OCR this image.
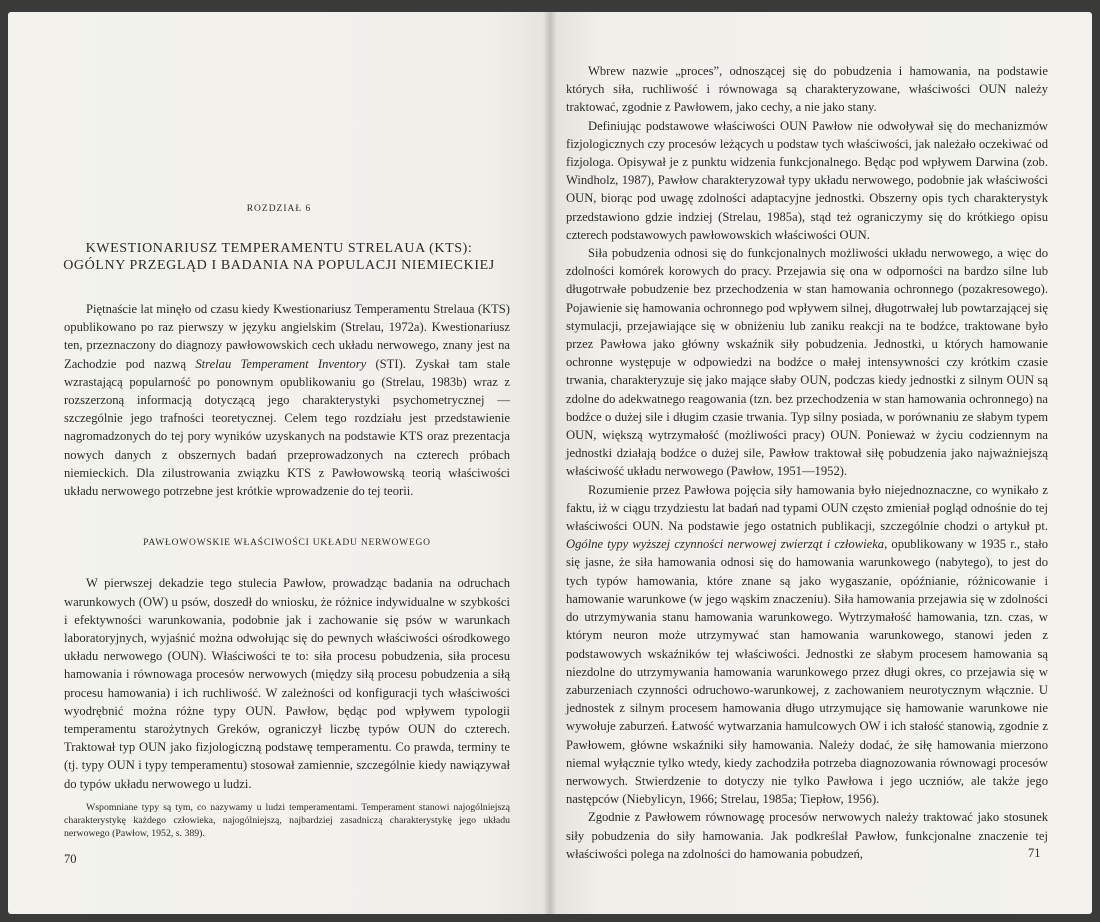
ROZDZIAŁ 6
KWESTIONARIUSZ TEMPERAMENTU STRELAUA (KTS):
OGÓLNY PRZEGLĄD I BADANIA NA POPULACJI NIEMIECKIEJ

Piętnaście lat minęło od czasu kiedy Kwestionariusz Temperamentu Strelaua (KTS) opublikowano po raz pierwszy w języku angielskim (Strelau, 1972a). Kwestionariusz ten, przeznaczony do diagnozy pawłowowskich cech układu nerwowego, znany jest na Zachodzie pod nazwą Strelau Temperament Inventory (STI). Zyskał tam stale wzrastającą popularność po ponownym opublikowaniu go (Strelau, 1983b) wraz z rozszerzoną informacją dotyczącą jego charakterystyki psychometrycznej — szczególnie jego trafności teoretycznej. Celem tego rozdziału jest przedstawienie nagromadzonych do tej pory wyników uzyskanych na podstawie KTS oraz prezentacja nowych danych z obszernych badań przeprowadzonych na czterech próbach niemieckich. Dla zilustrowania związku KTS z Pawłowowską teorią właściwości układu nerwowego potrzebne jest krótkie wprowadzenie do tej teorii.

PAWŁOWOWSKIE WŁAŚCIWOŚCI UKŁADU NERWOWEGO

W pierwszej dekadzie tego stulecia Pawłow, prowadząc badania na odruchach warunkowych (OW) u psów, doszedł do wniosku, że różnice indywidualne w szybkości i efektywności warunkowania, podobnie jak i zachowanie się psów w warunkach laboratoryjnych, wyjaśnić można odwołując się do pewnych właściwości ośrodkowego układu nerwowego (OUN). Właściwości te to: siła procesu pobudzenia, siła procesu hamowania i równowaga procesów nerwowych (między siłą procesu pobudzenia a siłą procesu hamowania) i ich ruchliwość. W zależności od konfiguracji tych właściwości wyodrębnić można różne typy OUN. Pawłow, będąc pod wpływem typologii temperamentu starożytnych Greków, ograniczył liczbę typów OUN do czterech. Traktował typ OUN jako fizjologiczną podstawę temperamentu. Co prawda, terminy te (tj. typy OUN i typy temperamentu) stosował zamiennie, szczególnie kiedy nawiązywał do typów układu nerwowego u ludzi.

Wspomniane typy są tym, co nazywamy u ludzi temperamentami. Temperament stanowi najogólniejszą charakterystykę każdego człowieka, najogólniejszą, najbardziej zasadniczą charakterystykę jego układu nerwowego (Pawłow, 1952, s. 389).

70

Wbrew nazwie „proces”, odnoszącej się do pobudzenia i hamowania, na podstawie których siła, ruchliwość i równowaga są charakteryzowane, właściwości OUN należy traktować, zgodnie z Pawłowem, jako cechy, a nie jako stany.

Definiując podstawowe właściwości OUN Pawłow nie odwoływał się do mechanizmów fizjologicznych czy procesów leżących u podstaw tych właściwości, jak należało oczekiwać od fizjologa. Opisywał je z punktu widzenia funkcjonalnego. Będąc pod wpływem Darwina (zob. Windholz, 1987), Pawłow charakteryzował typy układu nerwowego, podobnie jak właściwości OUN, biorąc pod uwagę zdolności adaptacyjne jednostki. Obszerny opis tych charakterystyk przedstawiono gdzie indziej (Strelau, 1985a), stąd też ograniczymy się do krótkiego opisu czterech podstawowych pawłowowskich właściwości OUN.

Siła pobudzenia odnosi się do funkcjonalnych możliwości układu nerwowego, a więc do zdolności komórek korowych do pracy. Przejawia się ona w odporności na bardzo silne lub długotrwałe pobudzenie bez przechodzenia w stan hamowania ochronnego (pozakresowego). Pojawienie się hamowania ochronnego pod wpływem silnej, długotrwałej lub powtarzającej się stymulacji, przejawiające się w obniżeniu lub zaniku reakcji na te bodźce, traktowane było przez Pawłowa jako główny wskaźnik siły pobudzenia. Jednostki, u których hamowanie ochronne występuje w odpowiedzi na bodźce o małej intensywności czy krótkim czasie trwania, charakteryzuje się jako mające słaby OUN, podczas kiedy jednostki z silnym OUN są zdolne do adekwatnego reagowania (tzn. bez przechodzenia w stan hamowania ochronnego) na bodźce o dużej sile i długim czasie trwania. Typ silny posiada, w porównaniu ze słabym typem OUN, większą wytrzymałość (możliwości pracy) OUN. Ponieważ w życiu codziennym na jednostki działają bodźce o dużej sile, Pawłow traktował siłę pobudzenia jako najważniejszą właściwość układu nerwowego (Pawłow, 1951—1952).

Rozumienie przez Pawłowa pojęcia siły hamowania było niejednoznaczne, co wynikało z faktu, iż w ciągu trzydziestu lat badań nad typami OUN często zmieniał pogląd odnośnie do tej właściwości OUN. Na podstawie jego ostatnich publikacji, szczególnie chodzi o artykuł pt. Ogólne typy wyższej czynności nerwowej zwierząt i człowieka, opublikowany w 1935 r., stało się jasne, że siła hamowania odnosi się do hamowania warunkowego (nabytego), to jest do tych typów hamowania, które znane są jako wygaszanie, opóźnianie, różnicowanie i hamowanie warunkowe (w jego wąskim znaczeniu). Siła hamowania przejawia się w zdolności do utrzymywania stanu hamowania warunkowego. Wytrzymałość hamowania, tzn. czas, w którym neuron może utrzymywać stan hamowania warunkowego, stanowi jeden z podstawowych wskaźników tej właściwości. Jednostki ze słabym procesem hamowania są niezdolne do utrzymywania hamowania warunkowego przez długi okres, co przejawia się w zaburzeniach czynności odruchowo-warunkowej, z zachowaniem neurotycznym włącznie. U jednostek z silnym procesem hamowania długo utrzymujące się hamowanie warunkowe nie wywołuje zaburzeń. Łatwość wytwarzania hamulcowych OW i ich stałość stanowią, zgodnie z Pawłowem, główne wskaźniki siły hamowania. Należy dodać, że siłę hamowania mierzono niemal wyłącznie tylko wtedy, kiedy zachodziła potrzeba diagnozowania równowagi procesów nerwowych. Stwierdzenie to dotyczy nie tylko Pawłowa i jego uczniów, ale także jego następców (Niebylicyn, 1966; Strelau, 1985a; Tiepłow, 1956).

Zgodnie z Pawłowem równowagę procesów nerwowych należy traktować jako stosunek siły pobudzenia do siły hamowania. Jak podkreślał Pawłow, funkcjonalne znaczenie tej właściwości polega na zdolności do hamowania pobudzeń,	71
